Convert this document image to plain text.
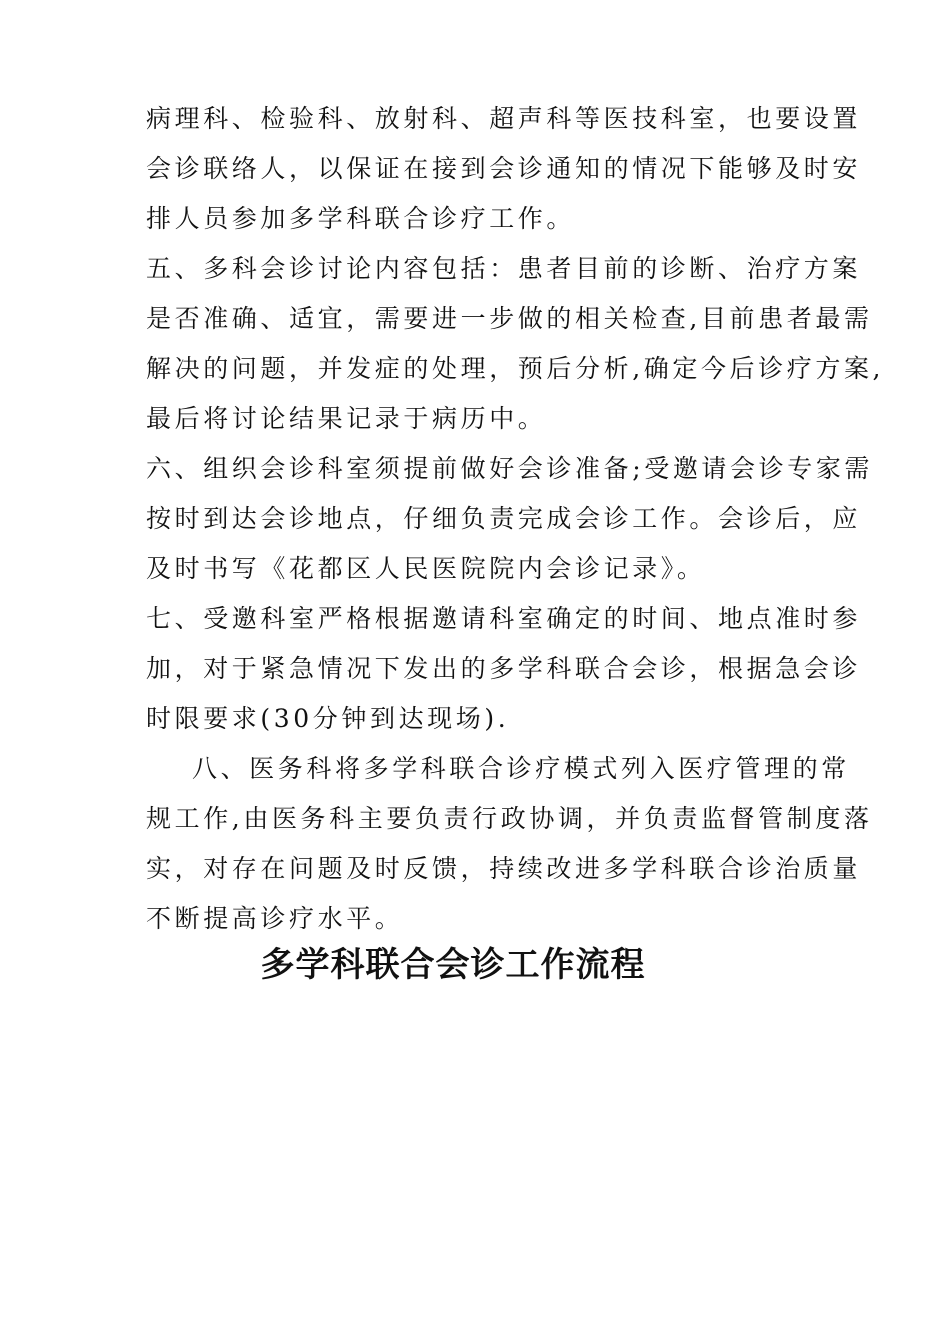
病理科、检验科、放射科、超声科等医技科室，也要设置
会诊联络人，以保证在接到会诊通知的情况下能够及时安
排人员参加多学科联合诊疗工作。
五、多科会诊讨论内容包括：患者目前的诊断、治疗方案
是否准确、适宜，需要进一步做的相关检查,目前患者最需
解决的问题，并发症的处理，预后分析,确定今后诊疗方案,
最后将讨论结果记录于病历中。
六、组织会诊科室须提前做好会诊准备;受邀请会诊专家需
按时到达会诊地点，仔细负责完成会诊工作。会诊后，应
及时书写《花都区人民医院院内会诊记录》。
七、受邀科室严格根据邀请科室确定的时间、地点准时参
加，对于紧急情况下发出的多学科联合会诊，根据急会诊
时限要求(30分钟到达现场).
八、医务科将多学科联合诊疗模式列入医疗管理的常
规工作,由医务科主要负责行政协调，并负责监督管制度落
实，对存在问题及时反馈，持续改进多学科联合诊治质量
不断提高诊疗水平。
多学科联合会诊工作流程
